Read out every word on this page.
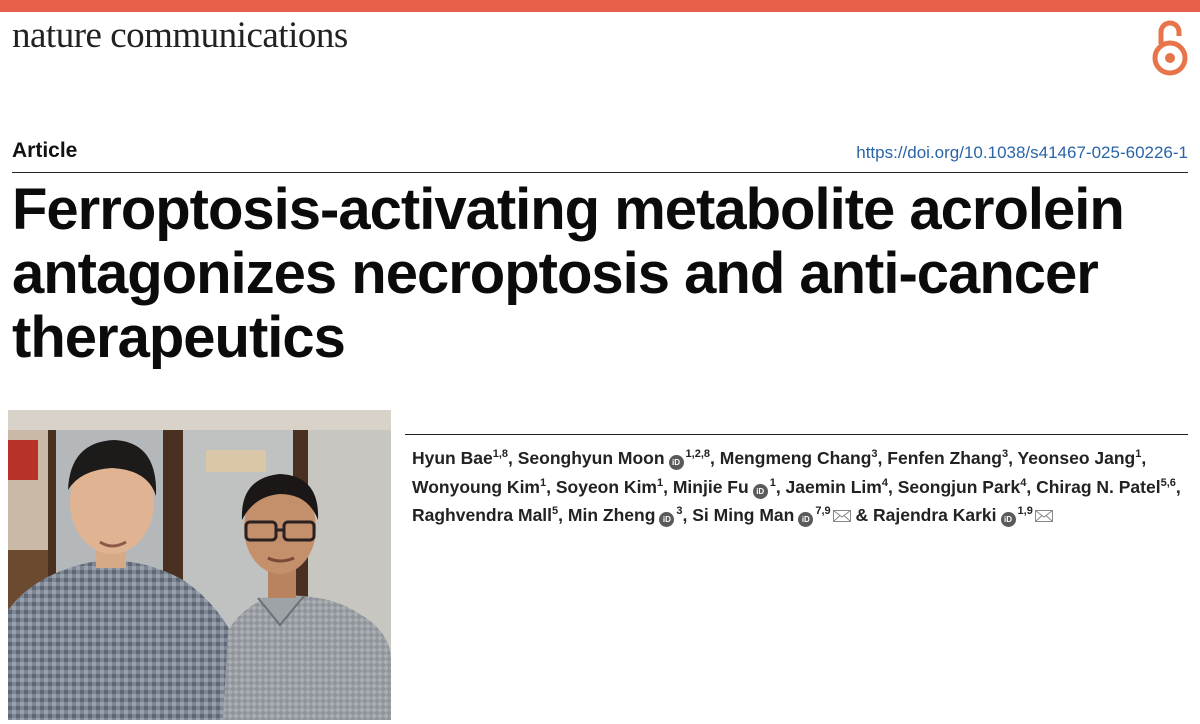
nature communications
Article	https://doi.org/10.1038/s41467-025-60226-1
Ferroptosis-activating metabolite acrolein
antagonizes necroptosis and anti-cancer
therapeutics
Hyun Bae$^{1,8}$, Seonghyun Moon iD$^{1,2,8}$, Mengmeng Chang$^3$, Fenfen Zhang$^3$, Yeonseo Jang$^1$, Wonyoung Kim$^1$, Soyeon Kim$^1$, Minjie Fu $iD^1$, Jaemin Lim$^4$, Seongjun Park$^4$, Chirag N. Patel$^{5,6}$, Raghvendra Mall$^5$, Min Zheng $iD^3$, Si Ming Man iD$^{7,9}$ & Rajendra Karki iD$^{1,9}$
